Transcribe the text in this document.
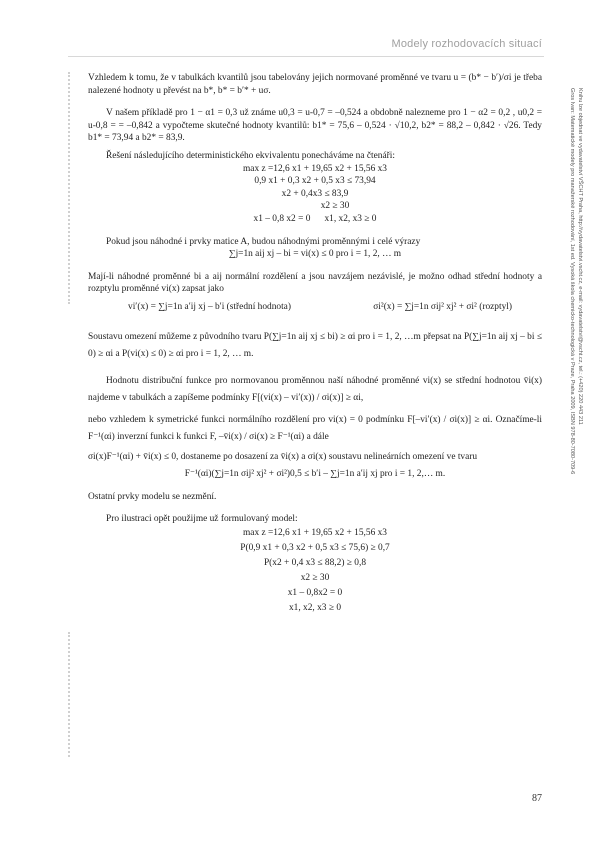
Modely rozhodovacích situací
Gros Ivan: Matematické modely pro manažerské rozhodování, 1st ed. Vysoká škola chemicko-technologická v Praze, Praha 2009, ISBN 978-80-7080-709-6 Knihu lze objednat ve vydavatelství VŠCHT Praha, http://vydavatelstvi.vscht.cz, e-mail: vydavatelstvi@vscht.cz, tel.: (+420) 220 443 211

Vzhledem k tomu, že v tabulkách kvantilů jsou tabelovány jejich normované proměnné ve tvaru u = (b* − b′)/σi je třeba nalezené hodnoty u převést na b*, b* = b′* + uσ.

V našem příkladě pro 1 − α1 = 0,3 už známe u0,3 = u-0,7 = –0,524 a obdobně nalezneme pro 1 − α2 = 0,2 , u0,2 = u-0,8 = = –0,842 a vypočteme skutečné hodnoty kvantilů: b1* = 75,6 – 0,524 · √10,2, b2* = 88,2 – 0,842 · √26. Tedy b1* = 73,94 a b2* = 83,9.

Řešení následujícího deterministického ekvivalentu ponecháváme na čtenáři:

max z =12,6 x1 + 19,65 x2 + 15,56 x3

0,9 x1 + 0,3 x2 + 0,5 x3 ≤ 73,94

x2 + 0,4x3 ≤ 83,9

x2 ≥ 30

x1 – 0,8 x2 = 0      x1, x2, x3 ≥ 0

Pokud jsou náhodné i prvky matice A, budou náhodnými proměnnými i celé výrazy

∑j=1n aij xj – bi = vi(x) ≤ 0 pro i = 1, 2, … m

Mají-li náhodné proměnné bi a aij normální rozdělení a jsou navzájem nezávislé, je možno odhad střední hodnoty a rozptylu proměnné vi(x) zapsat jako

vi′(x) = ∑j=1n a′ij xj – b′i (střední hodnota)	σi²(x) = ∑j=1n σij² xj² + σi² (rozptyl)

Soustavu omezení můžeme z původního tvaru P(∑j=1n aij xj ≤ bi) ≥ αi pro i = 1, 2, …m přepsat na P(∑j=1n aij xj – bi ≤ 0) ≥ αi a P(vi(x) ≤ 0) ≥ αi pro i = 1, 2, … m.

Hodnotu distribuční funkce pro normovanou proměnnou naší náhodné proměnné vi(x) se střední hodnotou v̄i(x) najdeme v tabulkách a zapíšeme podmínky F[(vi(x) – vi′(x)) / σi(x)] ≥ αi,

nebo vzhledem k symetrické funkci normálního rozdělení pro vi(x) = 0 podmínku F[–vi′(x) / σi(x)] ≥ αi. Označíme-li F⁻¹(αi) inverzní funkci k funkci F, –v̄i(x) / σi(x) ≥ F⁻¹(αi) a dále

σi(x)F⁻¹(αi) + v̄i(x) ≤ 0, dostaneme po dosazení za v̄i(x) a σi(x) soustavu nelineárních omezení ve tvaru

F⁻¹(αi)(∑j=1n σij² xj² + σi²)0,5 ≤ b′i – ∑j=1n a′ij xj pro i = 1, 2,… m.

Ostatní prvky modelu se nezmění.

Pro ilustraci opět použijme už formulovaný model:

max z =12,6 x1 + 19,65 x2 + 15,56 x3

P(0,9 x1 + 0,3 x2 + 0,5 x3 ≤ 75,6) ≥ 0,7

P(x2 + 0,4 x3 ≤ 88,2) ≥ 0,8

x2 ≥ 30

x1 – 0,8x2 = 0

x1, x2, x3 ≥ 0

87
